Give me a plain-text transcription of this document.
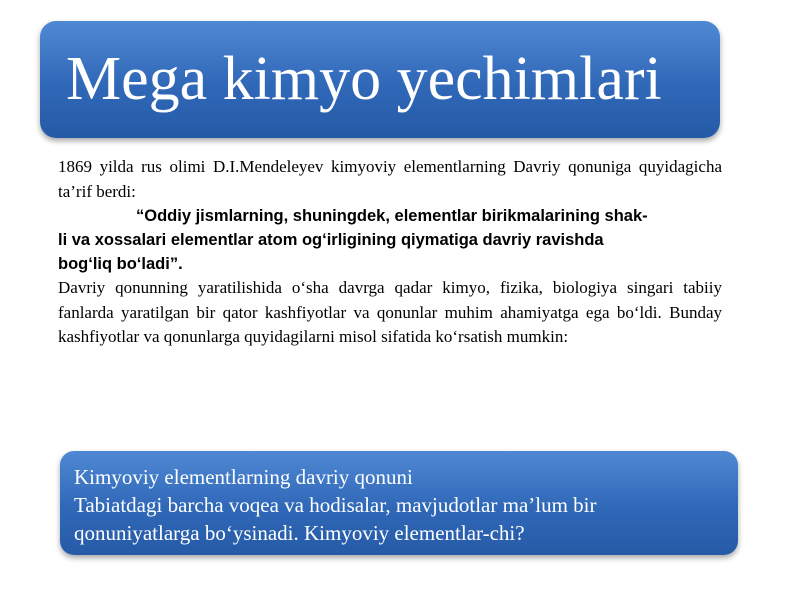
Mega kimyo yechimlari

1869 yilda rus olimi D.I.Mendeleyev kimyoviy elementlarning Davriy qonuniga quyidagicha ta’rif berdi:

“Oddiy jismlarning, shuningdek, elementlar birikmalarining shak-
li va xossalari elementlar atom og‘irligining qiymatiga davriy ravishda
bog‘liq bo‘ladi”.

Davriy qonunning yaratilishida o‘sha davrga qadar kimyo, fizika, biologiya singari tabiiy fanlarda yaratilgan bir qator kashfiyotlar va qonunlar muhim ahamiyatga ega bo‘ldi. Bunday kashfiyotlar va qonunlarga quyidagilarni misol sifatida ko‘rsatish mumkin:

Kimyoviy elementlarning davriy qonuni
Tabiatdagi barcha voqea va hodisalar, mavjudotlar ma’lum bir
qonuniyatlarga bo‘ysinadi. Kimyoviy elementlar-chi?
